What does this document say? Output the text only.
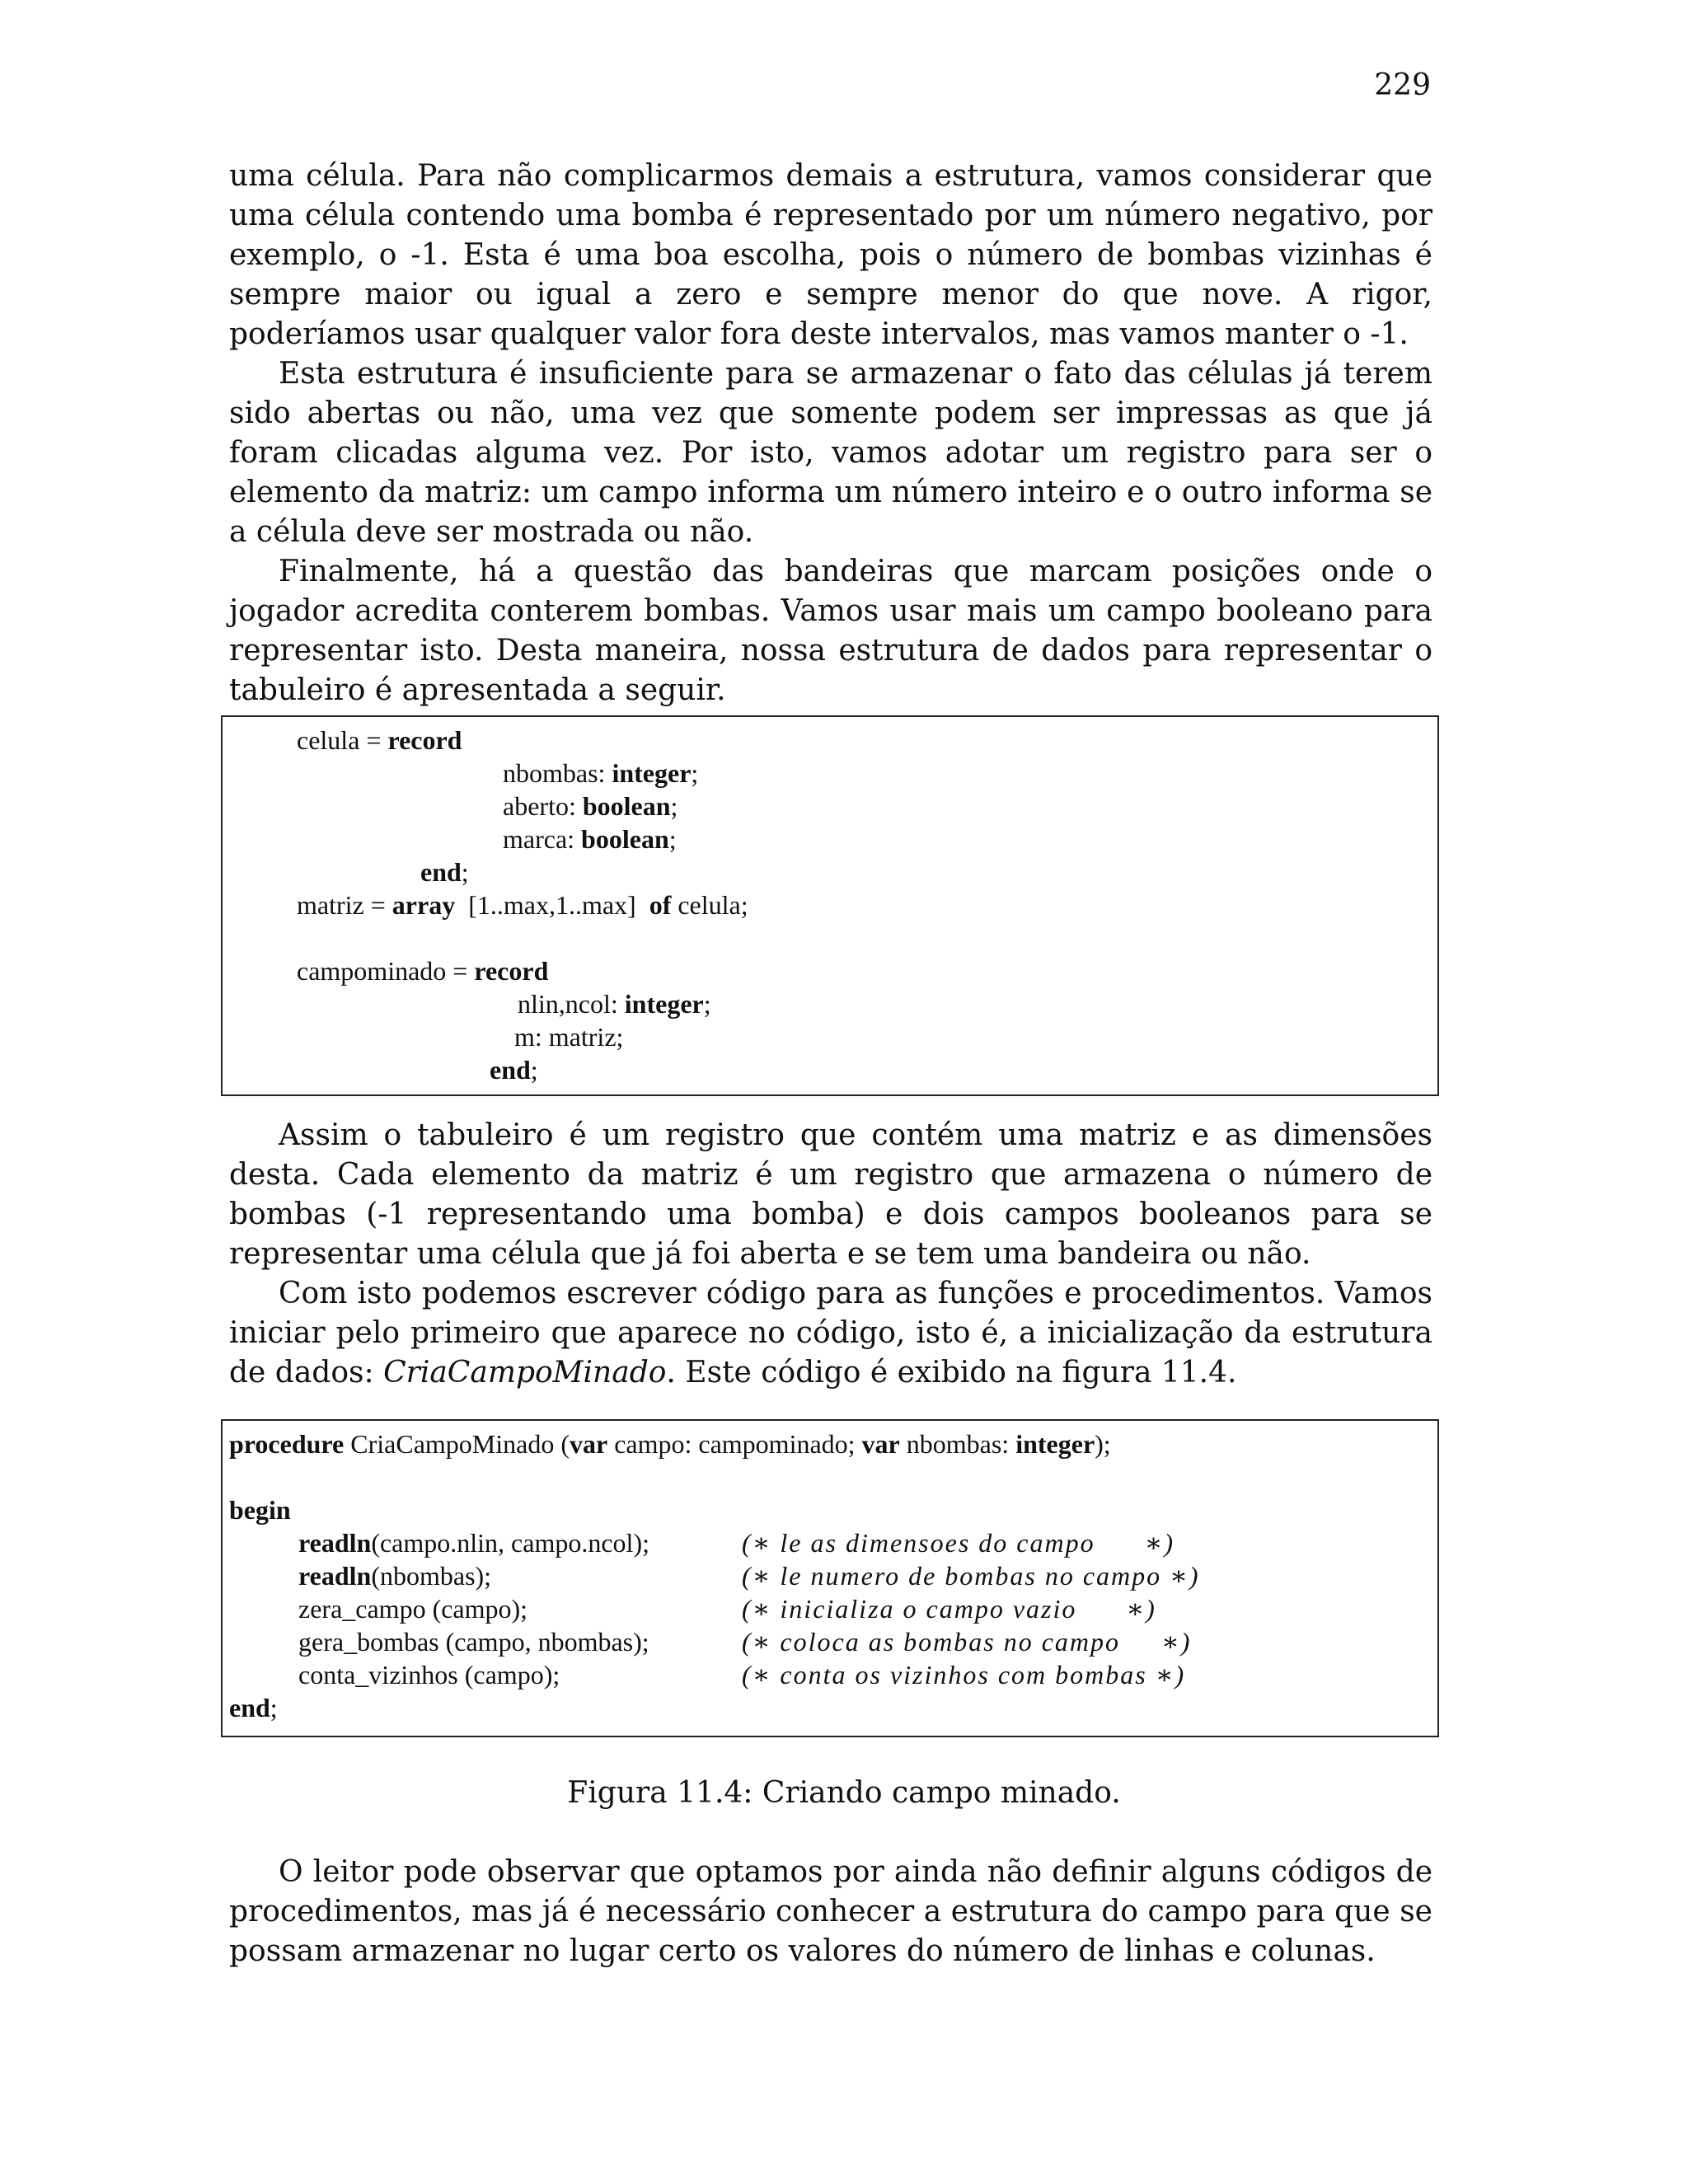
229

uma célula. Para não complicarmos demais a estrutura, vamos considerar que uma célula contendo uma bomba é representado por um número negativo, por exemplo, o -1. Esta é uma boa escolha, pois o número de bombas vizinhas é sempre maior ou igual a zero e sempre menor do que nove. A rigor, poderíamos usar qualquer valor fora deste intervalos, mas vamos manter o -1.

Esta estrutura é insuficiente para se armazenar o fato das células já terem sido abertas ou não, uma vez que somente podem ser impressas as que já foram clicadas alguma vez. Por isto, vamos adotar um registro para ser o elemento da matriz: um campo informa um número inteiro e o outro informa se a célula deve ser mostrada ou não.

Finalmente, há a questão das bandeiras que marcam posições onde o jogador acredita conterem bombas. Vamos usar mais um campo booleano para representar isto. Desta maneira, nossa estrutura de dados para representar o tabuleiro é apresentada a seguir.

celula = record
nbombas: integer;
aberto: boolean;
marca: boolean;
end;
matriz = array  [1..max,1..max]  of celula;
campominado = record
nlin,ncol: integer;
m: matriz;
end;

Assim o tabuleiro é um registro que contém uma matriz e as dimensões desta. Cada elemento da matriz é um registro que armazena o número de bombas (-1 representando uma bomba) e dois campos booleanos para se representar uma célula que já foi aberta e se tem uma bandeira ou não.

Com isto podemos escrever código para as funções e procedimentos. Vamos iniciar pelo primeiro que aparece no código, isto é, a inicialização da estrutura de dados: CriaCampoMinado. Este código é exibido na figura 11.4.

procedure CriaCampoMinado (var campo: campominado; var nbombas: integer);
begin
readln(campo.nlin, campo.ncol);
readln(nbombas);
zera_campo (campo);
gera_bombas (campo, nbombas);
conta_vizinhos (campo);
(∗ le as dimensoes do campo      ∗)
(∗ le numero de bombas no campo ∗)
(∗ inicializa o campo vazio      ∗)
(∗ coloca as bombas no campo     ∗)
(∗ conta os vizinhos com bombas ∗)
end;
Figura 11.4: Criando campo minado.

O leitor pode observar que optamos por ainda não definir alguns códigos de procedimentos, mas já é necessário conhecer a estrutura do campo para que se possam armazenar no lugar certo os valores do número de linhas e colunas.
